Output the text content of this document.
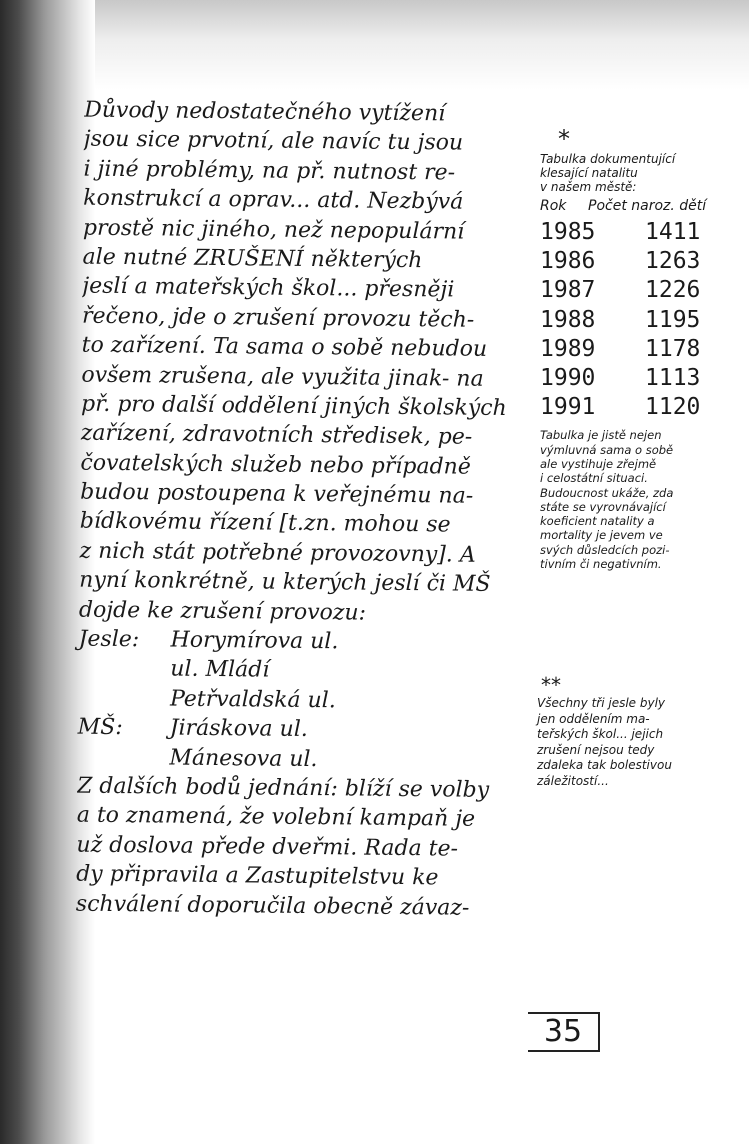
Důvody nedostatečného vytížení
jsou sice prvotní, ale navíc tu jsou
i jiné problémy, na př. nutnost re-
konstrukcí a oprav... atd. Nezbývá
prostě nic jiného, než nepopulární
ale nutné ZRUŠENÍ některých
jeslí a mateřských škol... přesněji
řečeno, jde o zrušení provozu těch-
to zařízení. Ta sama o sobě nebudou
ovšem zrušena, ale využita jinak- na
př. pro další oddělení jiných školských
zařízení, zdravotních středisek, pe-
čovatelských služeb nebo případně
budou postoupena k veřejnému na-
bídkovému řízení [t.zn. mohou se
z nich stát potřebné provozovny]. A
nyní konkrétně, u kterých jeslí či MŠ
dojde ke zrušení provozu:
Jesle:	Horymírova ul.
ul. Mládí
Petřvaldská ul.
MŠ:	Jiráskova ul.
Mánesova ul.
Z dalších bodů jednání: blíží se volby
a to znamená, že volební kampaň je
už doslova přede dveřmi. Rada te-
dy připravila a Zastupitelstvu ke
schválení doporučila obecně závaz-
*
Tabulka dokumentující
klesající natalitu
v našem městě:
Rok	Počet naroz. dětí
1985	1411
1986	1263
1987	1226
1988	1195
1989	1178
1990	1113
1991	1120
Tabulka je jistě nejen
výmluvná sama o sobě
ale vystihuje zřejmě
i celostátní situaci.
Budoucnost ukáže, zda
státe se vyrovnávající
koeficient natality a
mortality je jevem ve
svých důsledcích pozi-
tivním či negativním.
**
Všechny tři jesle byly
jen oddělením ma-
teřských škol... jejich
zrušení nejsou tedy
zdaleka tak bolestivou
záležitostí...
35
